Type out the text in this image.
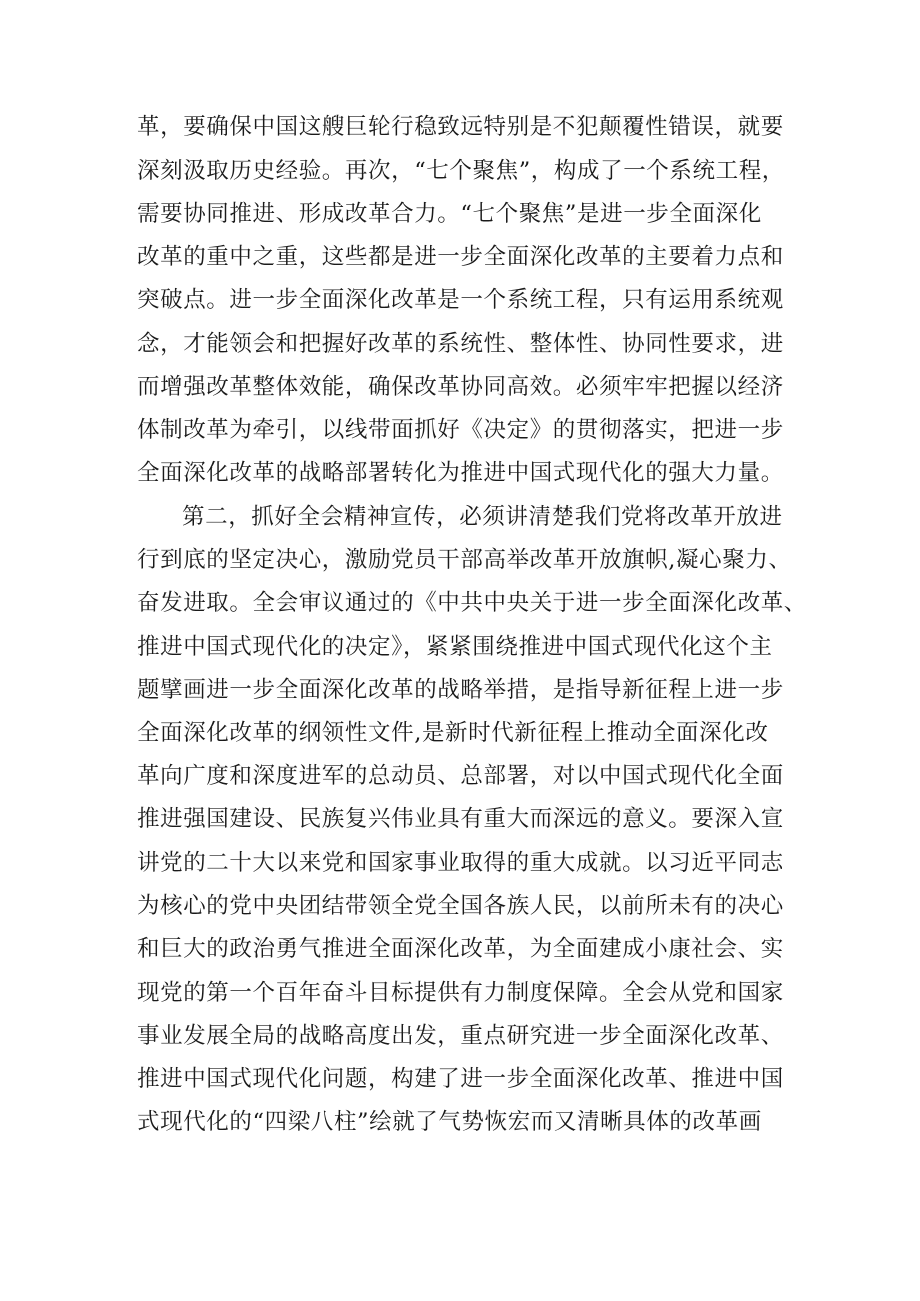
革，要确保中国这艘巨轮行稳致远特别是不犯颠覆性错误，就要
深刻汲取历史经验。再次，“七个聚焦”，构成了一个系统工程，
需要协同推进、形成改革合力。“七个聚焦”是进一步全面深化
改革的重中之重，这些都是进一步全面深化改革的主要着力点和
突破点。进一步全面深化改革是一个系统工程，只有运用系统观
念，才能领会和把握好改革的系统性、整体性、协同性要求，进
而增强改革整体效能，确保改革协同高效。必须牢牢把握以经济
体制改革为牵引，以线带面抓好《决定》的贯彻落实，把进一步
全面深化改革的战略部署转化为推进中国式现代化的强大力量。
第二，抓好全会精神宣传，必须讲清楚我们党将改革开放进
行到底的坚定决心，激励党员干部高举改革开放旗帜,凝心聚力、
奋发进取。全会审议通过的《中共中央关于进一步全面深化改革、
推进中国式现代化的决定》，紧紧围绕推进中国式现代化这个主
题擘画进一步全面深化改革的战略举措，是指导新征程上进一步
全面深化改革的纲领性文件,是新时代新征程上推动全面深化改
革向广度和深度进军的总动员、总部署，对以中国式现代化全面
推进强国建设、民族复兴伟业具有重大而深远的意义。要深入宣
讲党的二十大以来党和国家事业取得的重大成就。以习近平同志
为核心的党中央团结带领全党全国各族人民，以前所未有的决心
和巨大的政治勇气推进全面深化改革，为全面建成小康社会、实
现党的第一个百年奋斗目标提供有力制度保障。全会从党和国家
事业发展全局的战略高度出发，重点研究进一步全面深化改革、
推进中国式现代化问题，构建了进一步全面深化改革、推进中国
式现代化的“四梁八柱”绘就了气势恢宏而又清晰具体的改革画
